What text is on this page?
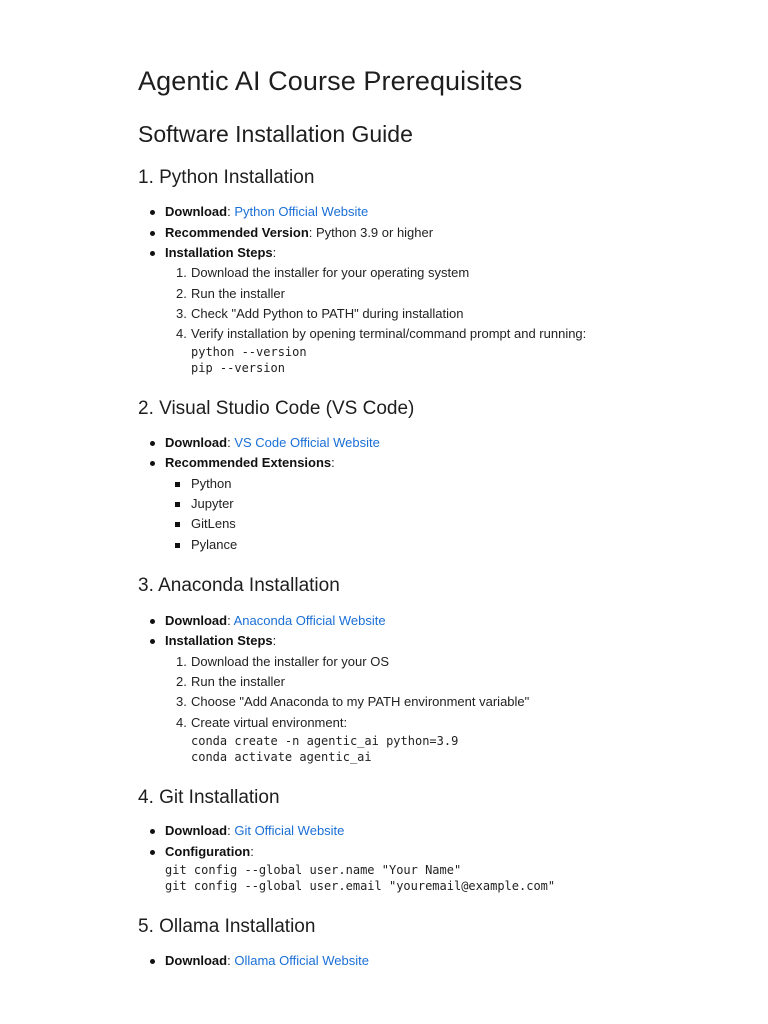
Agentic AI Course Prerequisites
Software Installation Guide
1. Python Installation
Download: Python Official Website
Recommended Version: Python 3.9 or higher
Installation Steps:
1. Download the installer for your operating system
2. Run the installer
3. Check "Add Python to PATH" during installation
4. Verify installation by opening terminal/command prompt and running:
python --version
pip --version
2. Visual Studio Code (VS Code)
Download: VS Code Official Website
Recommended Extensions:
Python
Jupyter
GitLens
Pylance
3. Anaconda Installation
Download: Anaconda Official Website
Installation Steps:
1. Download the installer for your OS
2. Run the installer
3. Choose "Add Anaconda to my PATH environment variable"
4. Create virtual environment:
conda create -n agentic_ai python=3.9
conda activate agentic_ai
4. Git Installation
Download: Git Official Website
Configuration:
git config --global user.name "Your Name"
git config --global user.email "youremail@example.com"
5. Ollama Installation
Download: Ollama Official Website
